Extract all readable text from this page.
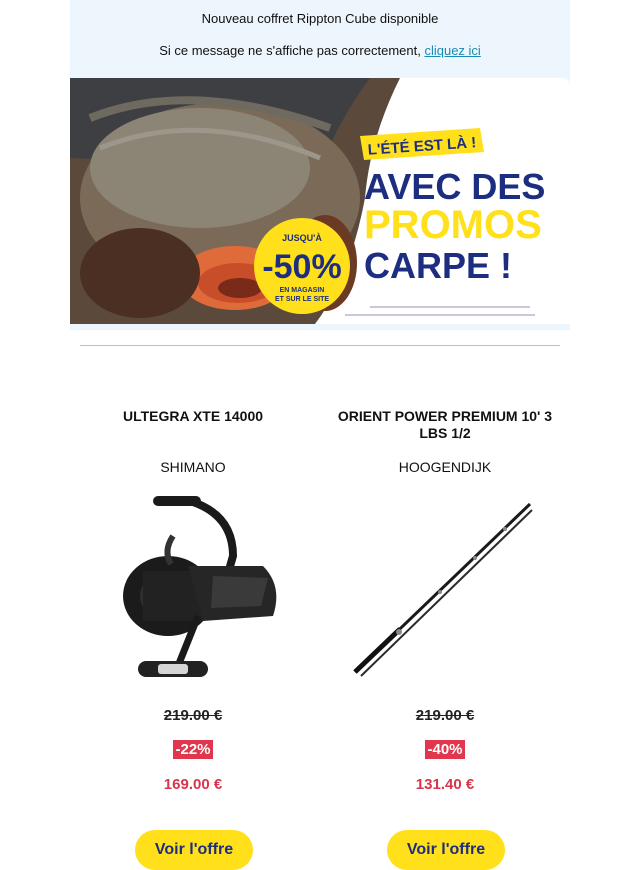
Nouveau coffret Rippton Cube disponible
Si ce message ne s'affiche pas correctement, cliquez ici
JUSQU'À
-50%
EN MAGASIN
ET SUR LE SITE
L'ÉTÉ EST LÀ !
AVEC DES
PROMOS
CARPE !
ULTEGRA XTE 14000
SHIMANO
219.00 €
-22%
169.00 €
Voir l'offre
ORIENT POWER PREMIUM 10' 3 LBS 1/2
HOOGENDIJK
219.00 €
-40%
131.40 €
Voir l'offre
